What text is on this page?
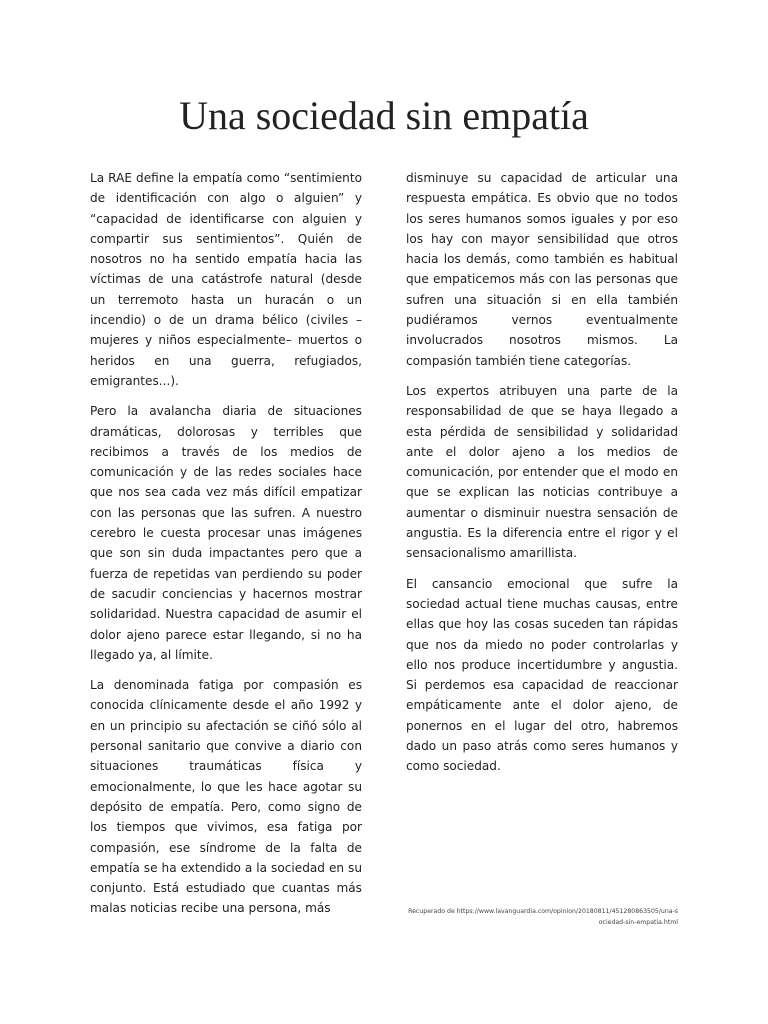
Una sociedad sin empatía

La RAE define la empatía como “sentimiento de identificación con algo o alguien” y “capacidad de identificarse con alguien y compartir sus sentimientos”. Quién de nosotros no ha sentido empatía hacia las víctimas de una catástrofe natural (desde un terremoto hasta un huracán o un incendio) o de un drama bélico (civiles –mujeres y niños especialmente– muertos o heridos en una guerra, refugiados, emigrantes...).

Pero la avalancha diaria de situaciones dramáticas, dolorosas y terribles que recibimos a través de los medios de comunicación y de las redes sociales hace que nos sea cada vez más difícil empatizar con las personas que las sufren. A nuestro cerebro le cuesta procesar unas imágenes que son sin duda impactantes pero que a fuerza de repetidas van perdiendo su poder de sacudir conciencias y hacernos mostrar solidaridad. Nuestra capacidad de asumir el dolor ajeno parece estar llegando, si no ha llegado ya, al límite.

La denominada fatiga por compasión es conocida clínicamente desde el año 1992 y en un principio su afectación se ciñó sólo al personal sanitario que convive a diario con situaciones traumáticas física y emocionalmente, lo que les hace agotar su depósito de empatía. Pero, como signo de los tiempos que vivimos, esa fatiga por compasión, ese síndrome de la falta de empatía se ha extendido a la sociedad en su conjunto. Está estudiado que cuantas más malas noticias recibe una persona, más

disminuye su capacidad de articular una respuesta empática. Es obvio que no todos los seres humanos somos iguales y por eso los hay con mayor sensibilidad que otros hacia los demás, como también es habitual que empaticemos más con las personas que sufren una situación si en ella también pudiéramos vernos eventualmente involucrados nosotros mismos. La compasión también tiene categorías.

Los expertos atribuyen una parte de la responsabilidad de que se haya llegado a esta pérdida de sensibilidad y solidaridad ante el dolor ajeno a los medios de comunicación, por entender que el modo en que se explican las noticias contribuye a aumentar o disminuir nuestra sensación de angustia. Es la diferencia entre el rigor y el sensacionalismo amarillista.

El cansancio emocional que sufre la sociedad actual tiene muchas causas, entre ellas que hoy las cosas suceden tan rápidas que nos da miedo no poder controlarlas y ello nos produce incertidumbre y angustia. Si perdemos esa capacidad de reaccionar empáticamente ante el dolor ajeno, de ponernos en el lugar del otro, habremos dado un paso atrás como seres humanos y como sociedad.

Recuperado de https://www.lavanguardia.com/opinion/20180811/451280863505/una-sociedad-sin-empatia.html
